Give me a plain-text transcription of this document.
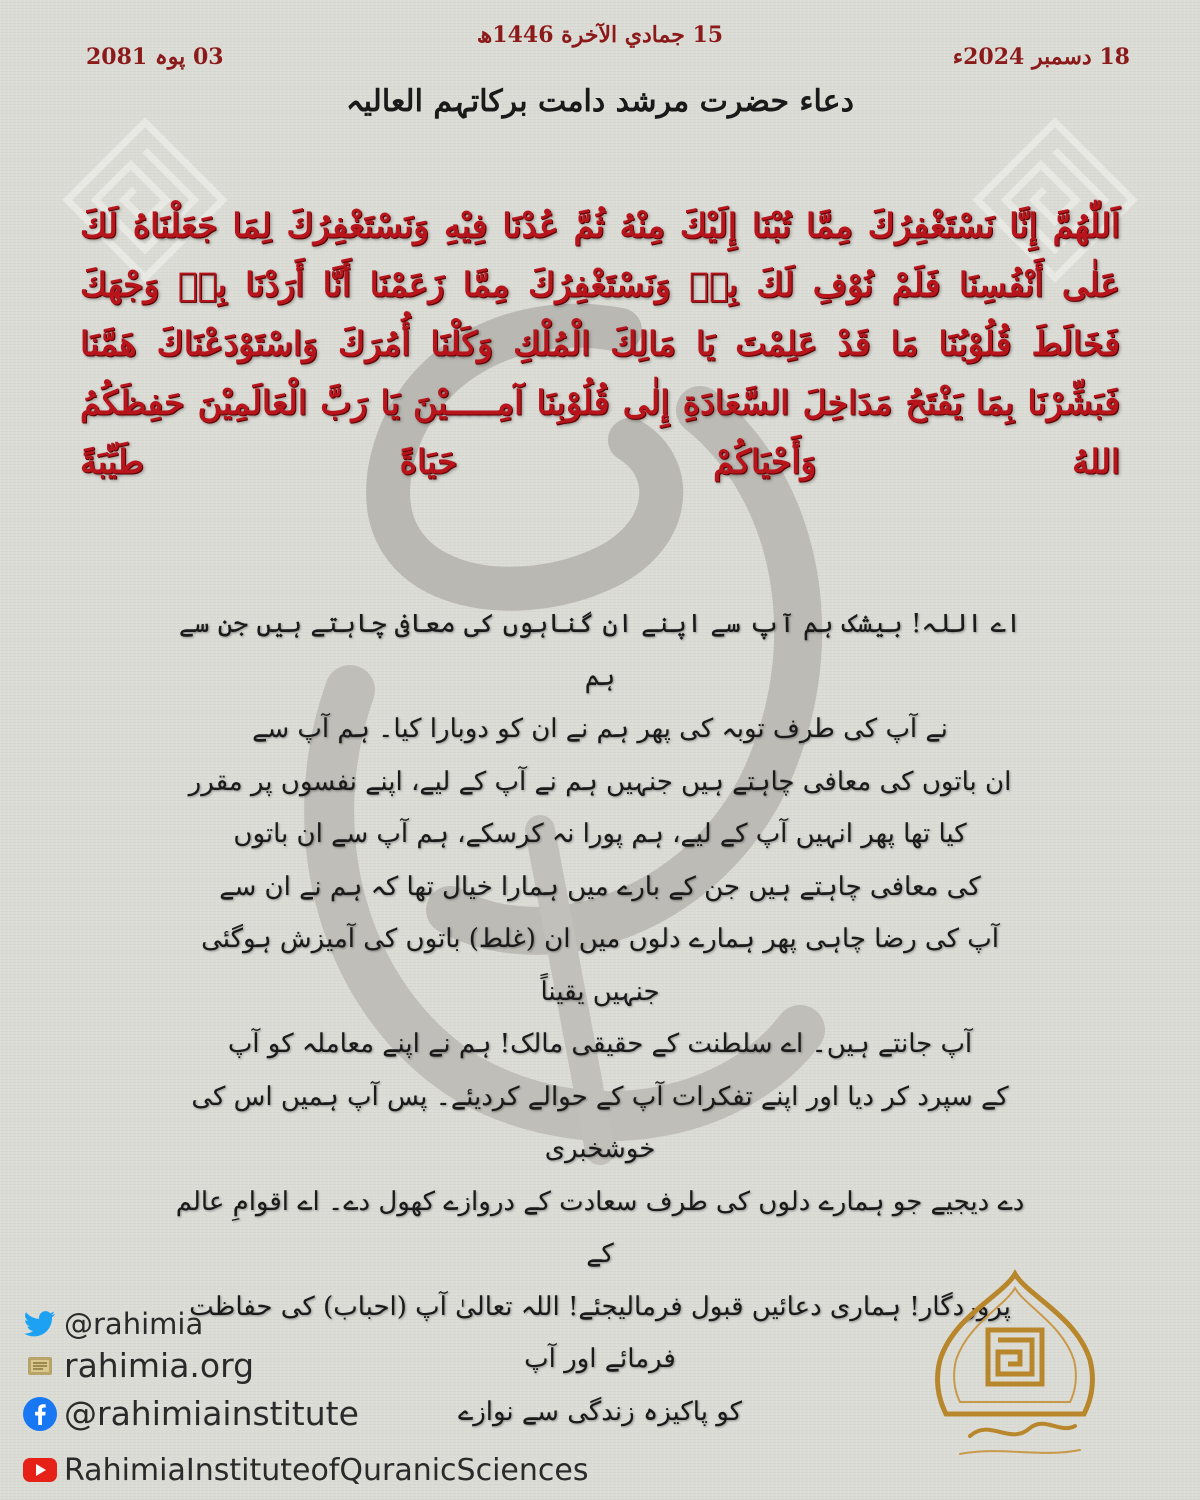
15 جمادي الآخرة 1446ھ
03 پوہ 2081	18 دسمبر 2024ء
دعاء حضرت مرشد دامت برکاتہم العالیہ
اَللّٰهُمَّ إِنَّا نَسْتَغْفِرُكَ مِمَّا تُبْنَا إِلَيْكَ مِنْهُ ثُمَّ عُدْنَا فِيْهِ وَنَسْتَغْفِرُكَ لِمَا جَعَلْنَاهُ لَكَ عَلٰى أَنْفُسِنَا فَلَمْ نُوْفِ لَكَ بِهٖ وَنَسْتَغْفِرُكَ مِمَّا زَعَمْنَا أَنَّا أَرَدْنَا بِهٖ وَجْهَكَ فَخَالَطَ قُلُوْبُنَا مَا قَدْ عَلِمْتَ يَا مَالِكَ الْمُلْكِ وَكَلْنَا أُمُرَكَ وَاسْتَوْدَعْنَاكَ هَمَّنَا فَبَشِّرْنَا بِمَا يَفْتَحُ مَدَاخِلَ السَّعَادَةِ إِلٰى قُلُوْبِنَا آمِـــــيْنَ يَا رَبَّ الْعَالَمِيْنَ حَفِظَكُمُ اللهُ وَأَحْيَاكُمْ حَيَاةً طَيِّبَةً
اے اللہ! بیشک ہم آپ سے اپنے ان گناہوں کی معافی چاہتے ہیں جن سے ہم
نے آپ کی طرف توبہ کی پھر ہم نے ان کو دوبارا کیا۔ ہم آپ سے
ان باتوں کی معافی چاہتے ہیں جنہیں ہم نے آپ کے لیے، اپنے نفسوں پر مقرر
کیا تھا پھر انہیں آپ کے لیے، ہم پورا نہ کرسکے، ہم آپ سے ان باتوں
کی معافی چاہتے ہیں جن کے بارے میں ہمارا خیال تھا کہ ہم نے ان سے
آپ کی رضا چاہی پھر ہمارے دلوں میں ان (غلط) باتوں کی آمیزش ہوگئی جنہیں یقیناً
آپ جانتے ہیں۔ اے سلطنت کے حقیقی مالک! ہم نے اپنے معاملہ کو آپ
کے سپرد کر دیا اور اپنے تفکرات آپ کے حوالے کردیئے۔ پس آپ ہمیں اس کی خوشخبری
دے دیجیے جو ہمارے دلوں کی طرف سعادت کے دروازے کھول دے۔ اے اقوامِ عالم کے
پروردگار! ہماری دعائیں قبول فرمالیجئے! اللہ تعالیٰ آپ (احباب) کی حفاظت فرمائے اور آپ
کو پاکیزہ زندگی سے نوازے
@rahimia
rahimia.org
@rahimiainstitute
RahimiaInstituteofQuranicSciences
